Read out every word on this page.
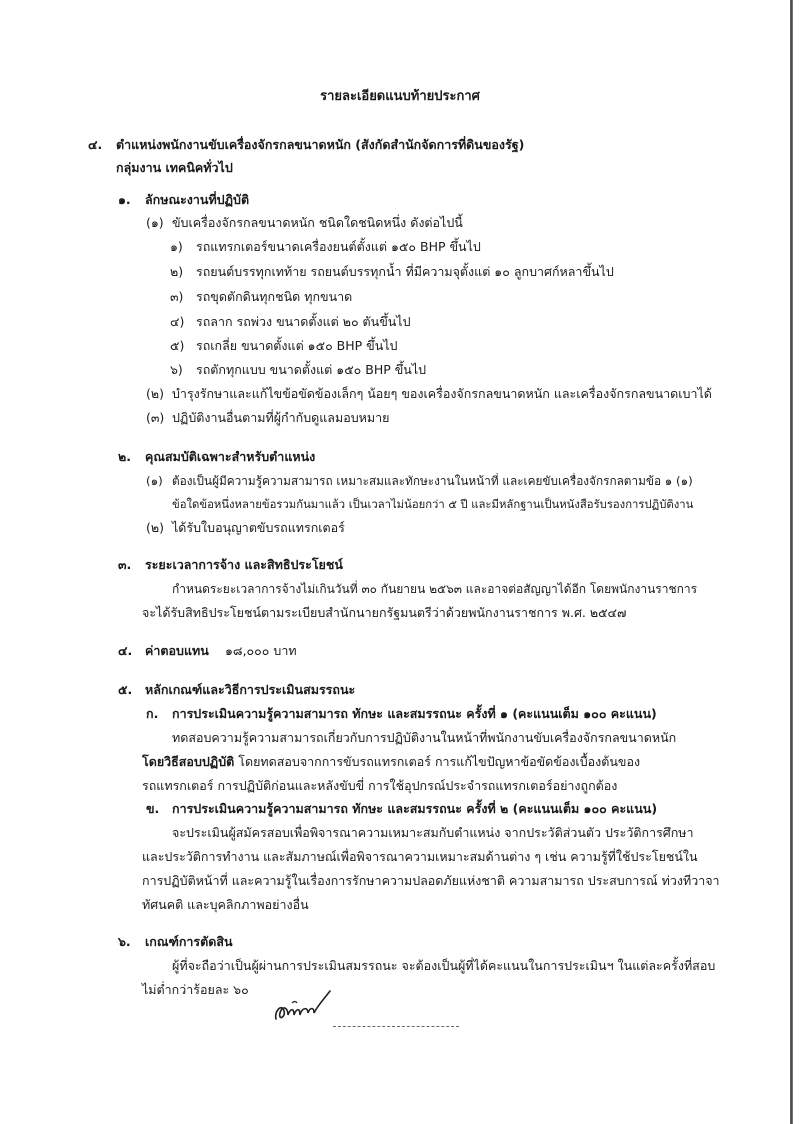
รายละเอียดแนบท้ายประกาศ
๔. ตำแหน่งพนักงานขับเครื่องจักรกลขนาดหนัก (สังกัดสำนักจัดการที่ดินของรัฐ)
กลุ่มงาน เทคนิคทั่วไป
๑. ลักษณะงานที่ปฏิบัติ
(๑) ขับเครื่องจักรกลขนาดหนัก ชนิดใดชนิดหนึ่ง ดังต่อไปนี้
๑) รถแทรกเตอร์ขนาดเครื่องยนต์ตั้งแต่ ๑๕๐ BHP ขึ้นไป
๒) รถยนต์บรรทุกเทท้าย รถยนต์บรรทุกน้ำ ที่มีความจุตั้งแต่ ๑๐ ลูกบาศก์หลาขึ้นไป
๓) รถขุดตักดินทุกชนิด ทุกขนาด
๔) รถลาก รถพ่วง ขนาดตั้งแต่ ๒๐ ตันขึ้นไป
๕) รถเกลี่ย ขนาดตั้งแต่ ๑๕๐ BHP ขึ้นไป
๖) รถตักทุกแบบ ขนาดตั้งแต่ ๑๕๐ BHP ขึ้นไป
(๒) บำรุงรักษาและแก้ไขข้อขัดข้องเล็กๆ น้อยๆ ของเครื่องจักรกลขนาดหนัก และเครื่องจักรกลขนาดเบาได้
(๓) ปฏิบัติงานอื่นตามที่ผู้กำกับดูแลมอบหมาย
๒. คุณสมบัติเฉพาะสำหรับตำแหน่ง
(๑) ต้องเป็นผู้มีความรู้ความสามารถ เหมาะสมและทักษะงานในหน้าที่ และเคยขับเครื่องจักรกลตามข้อ ๑ (๑)
ข้อใดข้อหนึ่งหลายข้อรวมกันมาแล้ว เป็นเวลาไม่น้อยกว่า ๕ ปี และมีหลักฐานเป็นหนังสือรับรองการปฏิบัติงาน
(๒) ได้รับใบอนุญาตขับรถแทรกเตอร์
๓. ระยะเวลาการจ้าง และสิทธิประโยชน์
กำหนดระยะเวลาการจ้างไม่เกินวันที่ ๓๐ กันยายน ๒๕๖๓ และอาจต่อสัญญาได้อีก โดยพนักงานราชการ
จะได้รับสิทธิประโยชน์ตามระเบียบสำนักนายกรัฐมนตรีว่าด้วยพนักงานราชการ พ.ศ. ๒๕๔๗
๔. ค่าตอบแทน ๑๘,๐๐๐ บาท
๕. หลักเกณฑ์และวิธีการประเมินสมรรถนะ
ก. การประเมินความรู้ความสามารถ ทักษะ และสมรรถนะ ครั้งที่ ๑ (คะแนนเต็ม ๑๐๐ คะแนน)
ทดสอบความรู้ความสามารถเกี่ยวกับการปฏิบัติงานในหน้าที่พนักงานขับเครื่องจักรกลขนาดหนัก
โดยวิธีสอบปฏิบัติ โดยทดสอบจากการขับรถแทรกเตอร์ การแก้ไขปัญหาข้อขัดข้องเบื้องต้นของ
รถแทรกเตอร์ การปฏิบัติก่อนและหลังขับขี่ การใช้อุปกรณ์ประจำรถแทรกเตอร์อย่างถูกต้อง
ข. การประเมินความรู้ความสามารถ ทักษะ และสมรรถนะ ครั้งที่ ๒ (คะแนนเต็ม ๑๐๐ คะแนน)
จะประเมินผู้สมัครสอบเพื่อพิจารณาความเหมาะสมกับตำแหน่ง จากประวัติส่วนตัว ประวัติการศึกษา
และประวัติการทำงาน และสัมภาษณ์เพื่อพิจารณาความเหมาะสมด้านต่าง ๆ เช่น ความรู้ที่ใช้ประโยชน์ใน
การปฏิบัติหน้าที่ และความรู้ในเรื่องการรักษาความปลอดภัยแห่งชาติ ความสามารถ ประสบการณ์ ท่วงทีวาจา
ทัศนคติ และบุคลิกภาพอย่างอื่น
๖. เกณฑ์การตัดสิน
ผู้ที่จะถือว่าเป็นผู้ผ่านการประเมินสมรรถนะ จะต้องเป็นผู้ที่ได้คะแนนในการประเมินฯ ในแต่ละครั้งที่สอบ
ไม่ต่ำกว่าร้อยละ ๖๐
